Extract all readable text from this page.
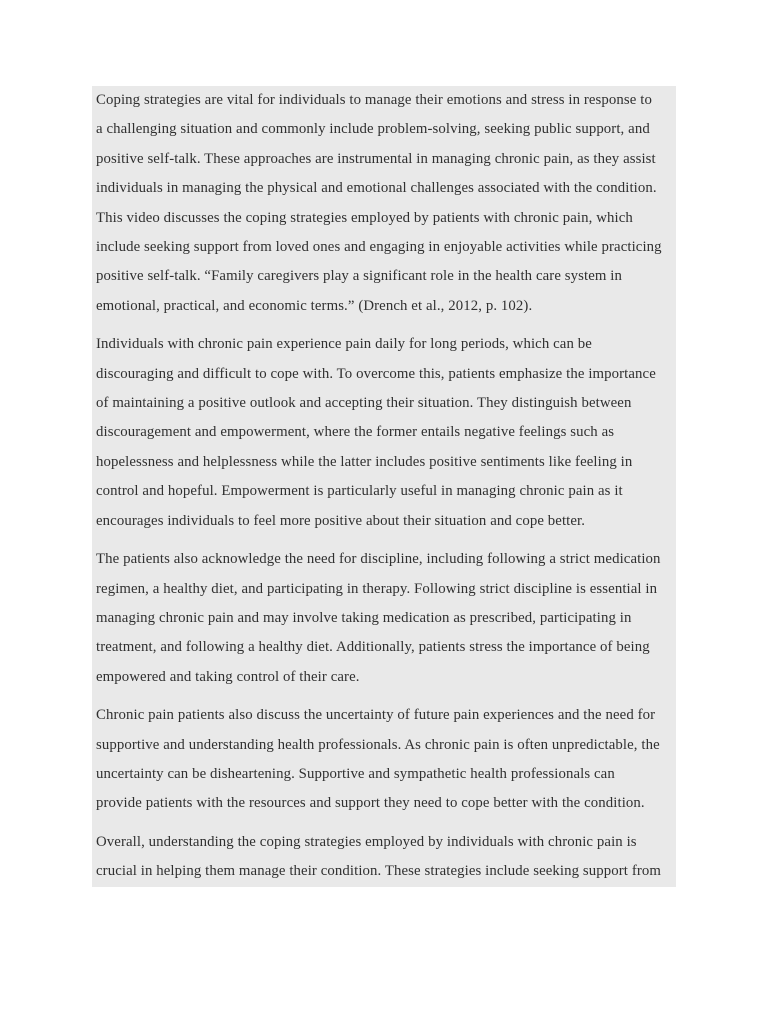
Coping strategies are vital for individuals to manage their emotions and stress in response to
a challenging situation and commonly include problem-solving, seeking public support, and
positive self-talk. These approaches are instrumental in managing chronic pain, as they assist
individuals in managing the physical and emotional challenges associated with the condition.
This video discusses the coping strategies employed by patients with chronic pain, which
include seeking support from loved ones and engaging in enjoyable activities while practicing
positive self-talk. “Family caregivers play a significant role in the health care system in
emotional, practical, and economic terms.” (Drench et al., 2012, p. 102).

Individuals with chronic pain experience pain daily for long periods, which can be
discouraging and difficult to cope with. To overcome this, patients emphasize the importance
of maintaining a positive outlook and accepting their situation. They distinguish between
discouragement and empowerment, where the former entails negative feelings such as
hopelessness and helplessness while the latter includes positive sentiments like feeling in
control and hopeful. Empowerment is particularly useful in managing chronic pain as it
encourages individuals to feel more positive about their situation and cope better.

The patients also acknowledge the need for discipline, including following a strict medication
regimen, a healthy diet, and participating in therapy. Following strict discipline is essential in
managing chronic pain and may involve taking medication as prescribed, participating in
treatment, and following a healthy diet. Additionally, patients stress the importance of being
empowered and taking control of their care.

Chronic pain patients also discuss the uncertainty of future pain experiences and the need for
supportive and understanding health professionals. As chronic pain is often unpredictable, the
uncertainty can be disheartening. Supportive and sympathetic health professionals can
provide patients with the resources and support they need to cope better with the condition.

Overall, understanding the coping strategies employed by individuals with chronic pain is
crucial in helping them manage their condition. These strategies include seeking support from
